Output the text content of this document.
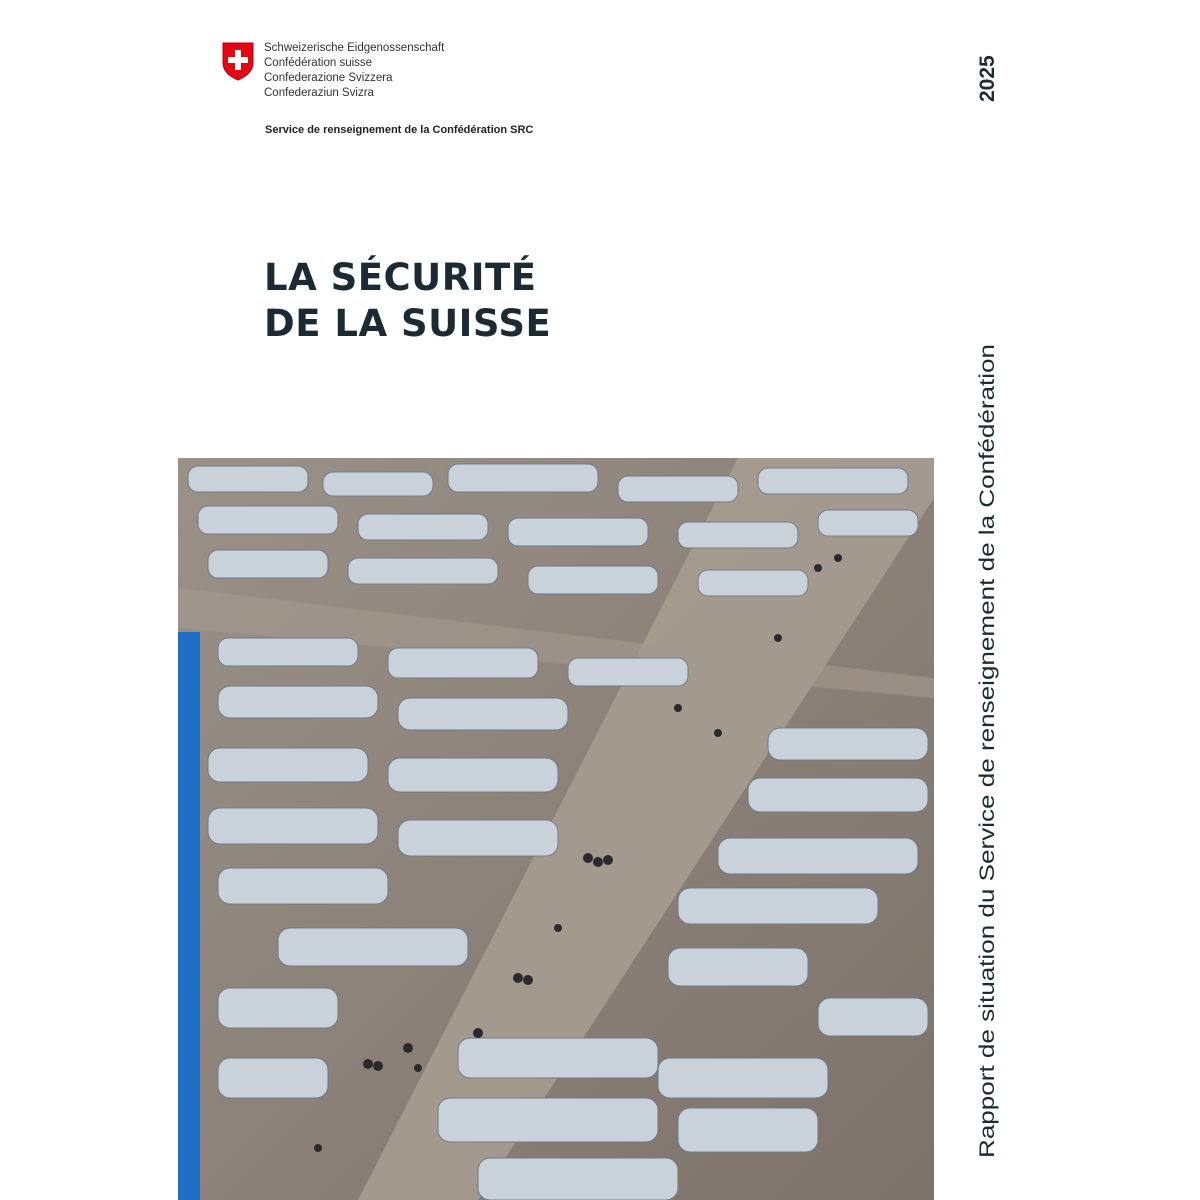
Schweizerische Eidgenossenschaft
Confédération suisse
Confederazione Svizzera
Confederaziun Svizra
Service de renseignement de la Confédération SRC
2025
LA SÉCURITÉ
DE LA SUISSE
Rapport de situation du Service de renseignement de la Confédération
